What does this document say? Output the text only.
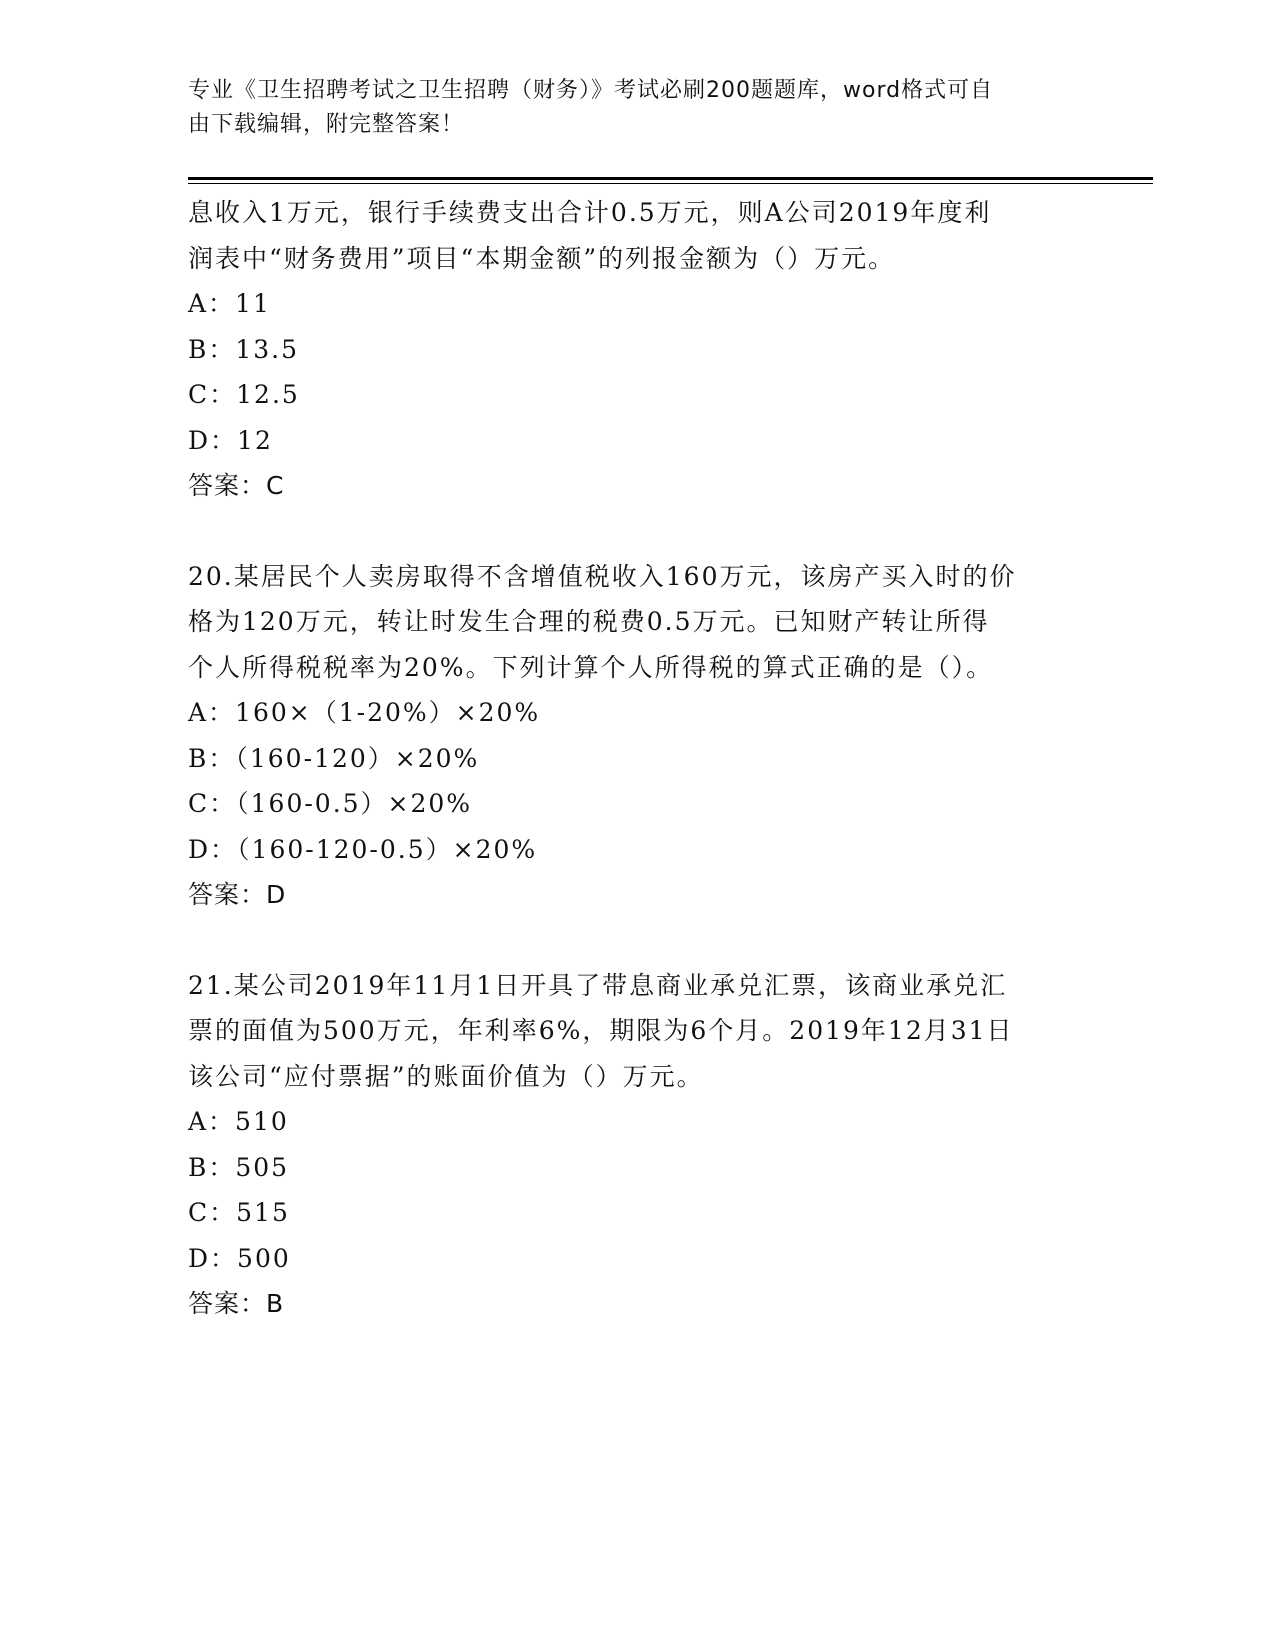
专业《卫生招聘考试之卫生招聘（财务）》考试必刷200题题库，word格式可自
由下载编辑，附完整答案！
息收入1万元，银行手续费支出合计0.5万元，则A公司2019年度利
润表中“财务费用”项目“本期金额”的列报金额为（）万元。
A：11
B：13.5
C：12.5
D：12
答案：C
20.某居民个人卖房取得不含增值税收入160万元，该房产买入时的价
格为120万元，转让时发生合理的税费0.5万元。已知财产转让所得
个人所得税税率为20%。下列计算个人所得税的算式正确的是（）。
A：160×（1-20%）×20%
B：（160-120）×20%
C：（160-0.5）×20%
D：（160-120-0.5）×20%
答案：D
21.某公司2019年11月1日开具了带息商业承兑汇票，该商业承兑汇
票的面值为500万元，年利率6%，期限为6个月。2019年12月31日
该公司“应付票据”的账面价值为（）万元。
A：510
B：505
C：515
D：500
答案：B
